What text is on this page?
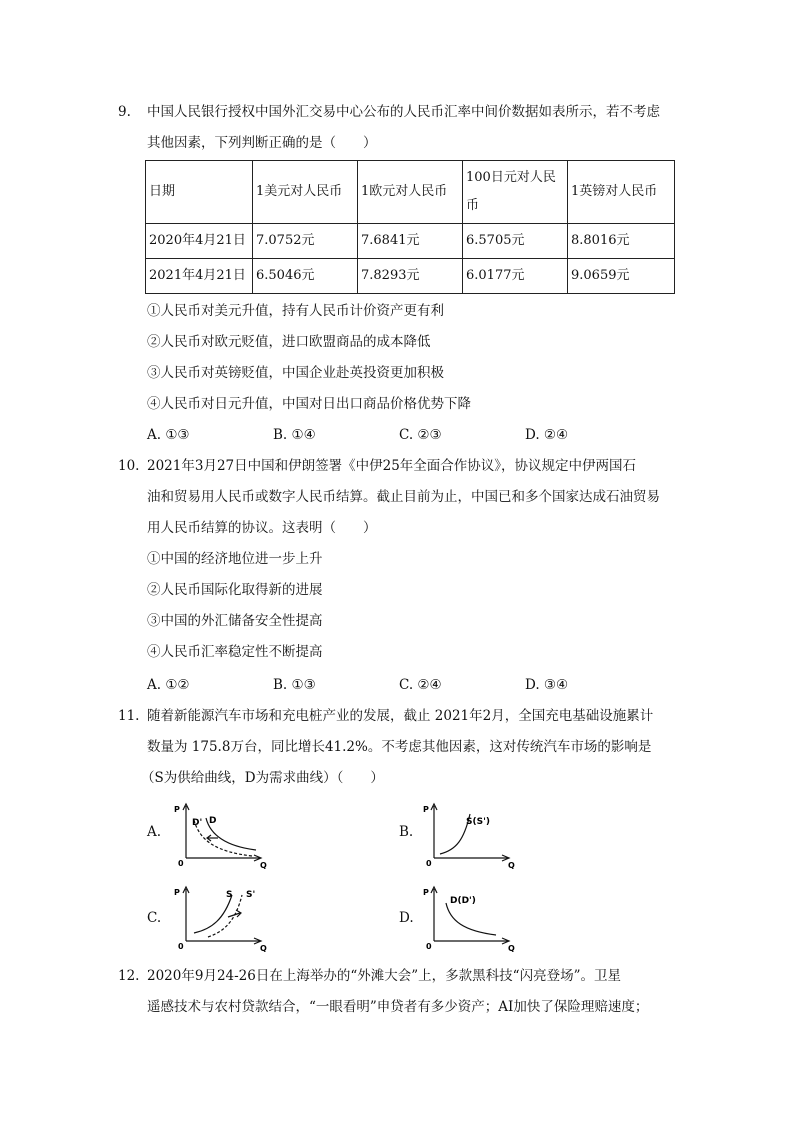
9. 中国人民银行授权中国外汇交易中心公布的人民币汇率中间价数据如表所示，若不考虑
其他因素，下列判断正确的是（　　）
日期	1美元对人民币	1欧元对人民币	100日元对人民币	1英镑对人民币
2020年4月21日	7.0752元	7.6841元	6.5705元	8.8016元
2021年4月21日	6.5046元	7.8293元	6.0177元	9.0659元
①人民币对美元升值，持有人民币计价资产更有利
②人民币对欧元贬值，进口欧盟商品的成本降低
③人民币对英镑贬值，中国企业赴英投资更加积极
④人民币对日元升值，中国对日出口商品价格优势下降
A. ①③	B. ①④	C. ②③	D. ②④
10. 2021年3月27日中国和伊朗签署《中伊25年全面合作协议》，协议规定中伊两国石
油和贸易用人民币或数字人民币结算。截止目前为止，中国已和多个国家达成石油贸易
用人民币结算的协议。这表明（　　）
①中国的经济地位进一步上升
②人民币国际化取得新的进展
③中国的外汇储备安全性提高
④人民币汇率稳定性不断提高
A. ①②	B. ①③	C. ②④	D. ③④
11. 随着新能源汽车市场和充电桩产业的发展，截止 2021年2月，全国充电基础设施累计
数量为 175.8万台，同比增长41.2%。不考虑其他因素，这对传统汽车市场的影响是
（S为供给曲线，D为需求曲线）（　　）
A.
P
Q
0
D' D
B.
P
Q
0
S(S')
C.
P
Q
0
S S'
D.
P
Q
0
D(D')
12. 2020年9月24-26日在上海举办的“外滩大会”上，多款黑科技“闪亮登场”。卫星
遥感技术与农村贷款结合，“一眼看明”申贷者有多少资产；AI加快了保险理赔速度；
